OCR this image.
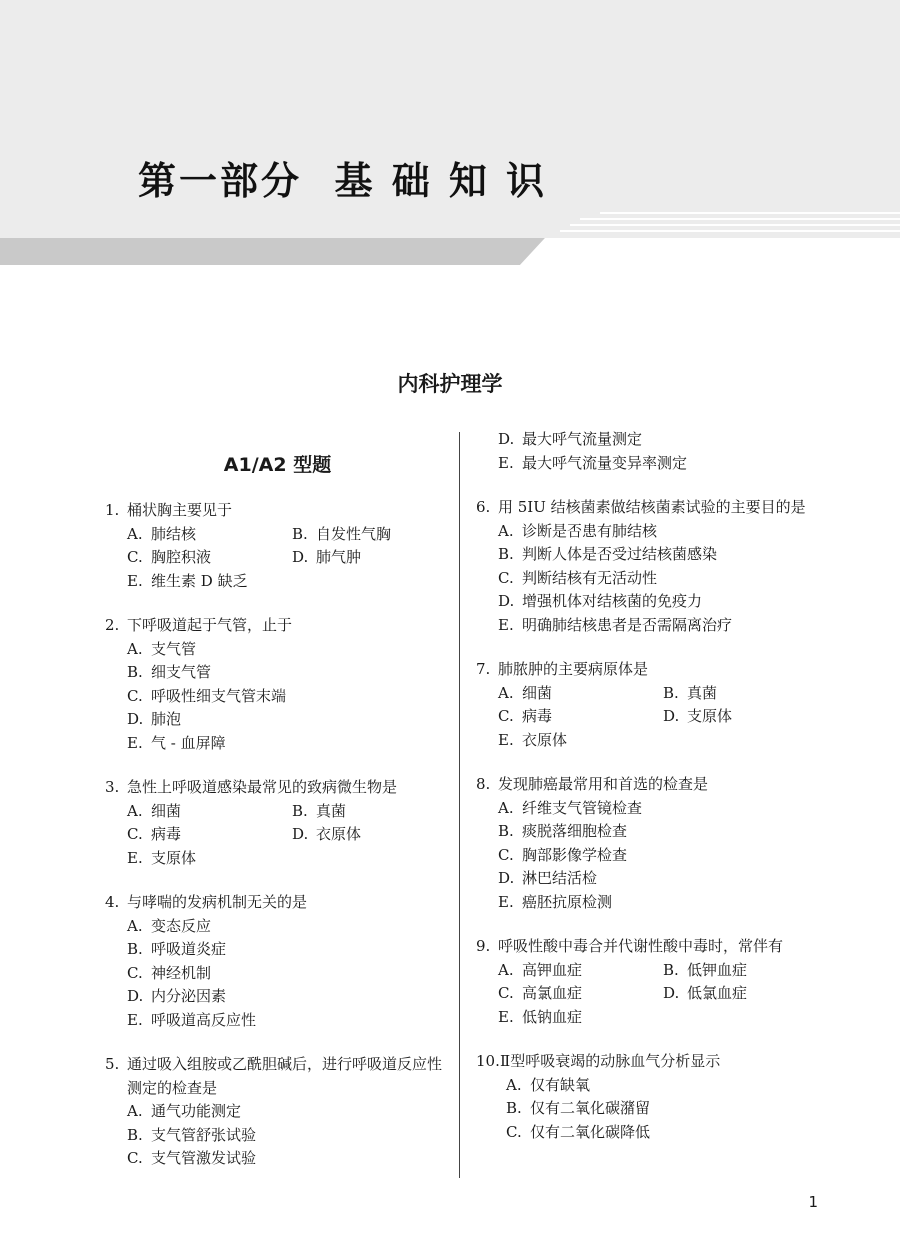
第一部分  基 础 知 识
内科护理学
A1/A2 型题
1. 桶状胸主要见于
A. 肺结核	B. 自发性气胸
C. 胸腔积液	D. 肺气肿
E. 维生素 D 缺乏
2. 下呼吸道起于气管，止于
A. 支气管
B. 细支气管
C. 呼吸性细支气管末端
D. 肺泡
E. 气 - 血屏障
3. 急性上呼吸道感染最常见的致病微生物是
A. 细菌	B. 真菌
C. 病毒	D. 衣原体
E. 支原体
4. 与哮喘的发病机制无关的是
A. 变态反应
B. 呼吸道炎症
C. 神经机制
D. 内分泌因素
E. 呼吸道高反应性
5. 通过吸入组胺或乙酰胆碱后，进行呼吸道反应性测定的检查是
A. 通气功能测定
B. 支气管舒张试验
C. 支气管激发试验
D. 最大呼气流量测定
E. 最大呼气流量变异率测定
6. 用 5IU 结核菌素做结核菌素试验的主要目的是
A. 诊断是否患有肺结核
B. 判断人体是否受过结核菌感染
C. 判断结核有无活动性
D. 增强机体对结核菌的免疫力
E. 明确肺结核患者是否需隔离治疗
7. 肺脓肿的主要病原体是
A. 细菌	B. 真菌
C. 病毒	D. 支原体
E. 衣原体
8. 发现肺癌最常用和首选的检查是
A. 纤维支气管镜检查
B. 痰脱落细胞检查
C. 胸部影像学检查
D. 淋巴结活检
E. 癌胚抗原检测
9. 呼吸性酸中毒合并代谢性酸中毒时，常伴有
A. 高钾血症	B. 低钾血症
C. 高氯血症	D. 低氯血症
E. 低钠血症
10. Ⅱ型呼吸衰竭的动脉血气分析显示
A. 仅有缺氧
B. 仅有二氧化碳潴留
C. 仅有二氧化碳降低

1
